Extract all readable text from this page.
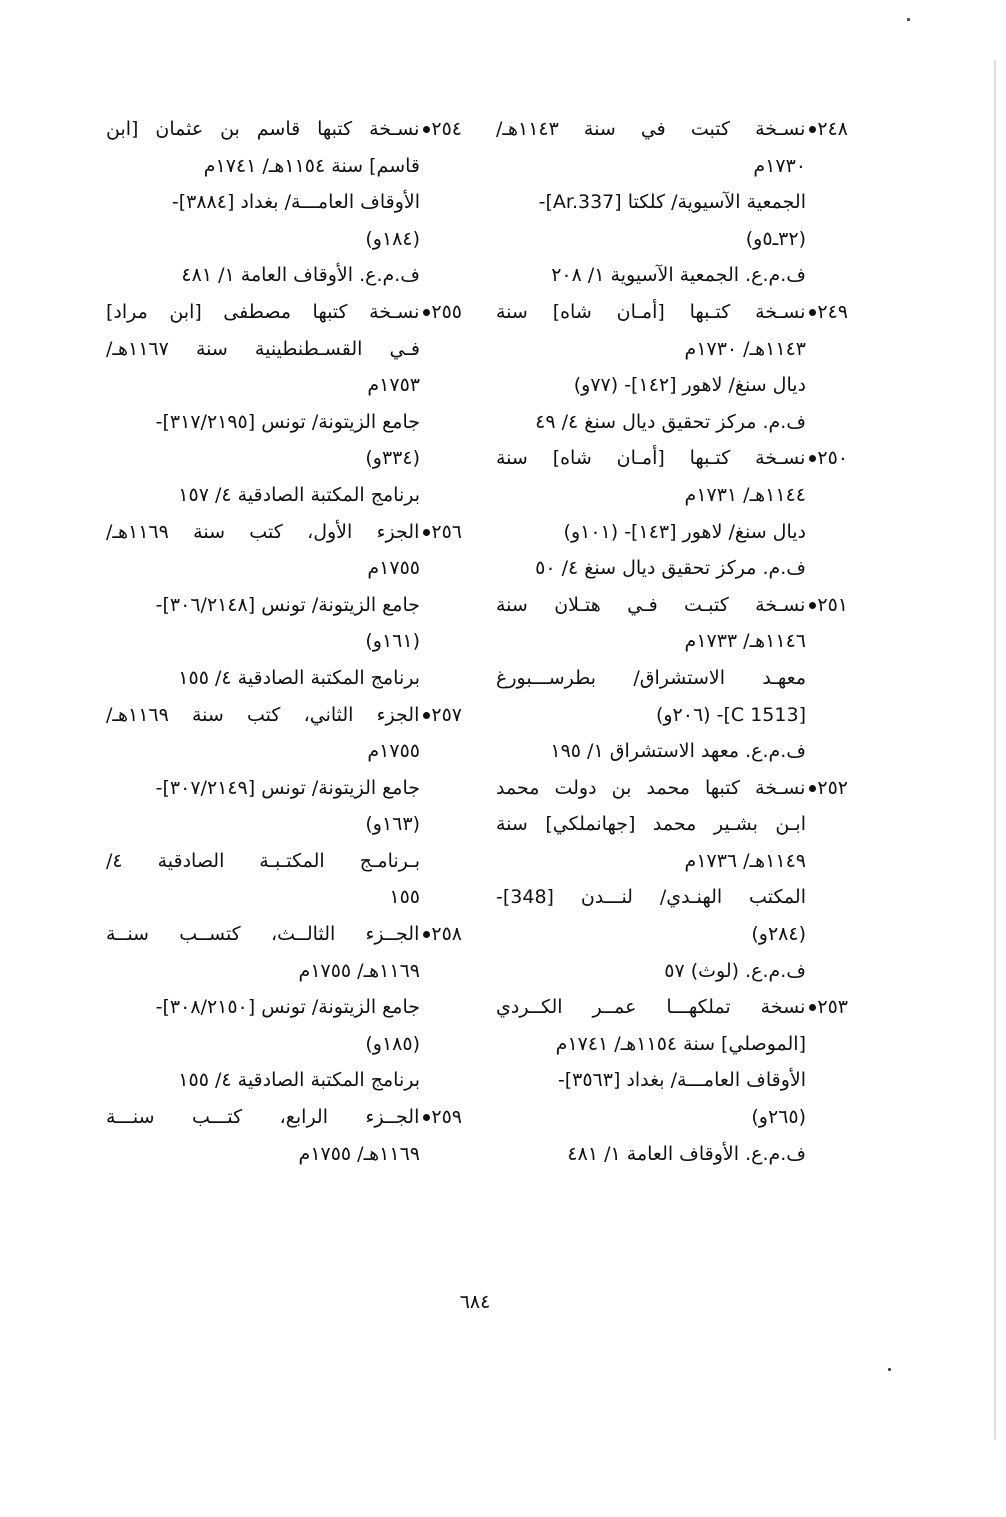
٢٤٨نسـخة كتبت في سنة ١١٤٣هـ/
١٧٣٠م
الجمعية الآسيوية/ كلكتا [Ar.337]-
(٣٢ـ٥و)
ف.م.ع. الجمعية الآسيوية ١/ ٢٠٨
٢٤٩نسـخة كتـبها [أمـان شاه] سنة
١١٤٣هـ/ ١٧٣٠م
ديال سنغ/ لاهور [١٤٢]- (٧٧و)
ف.م. مركز تحقيق ديال سنغ ٤/ ٤٩
٢٥٠نسـخة كتـبها [أمـان شاه] سنة
١١٤٤هـ/ ١٧٣١م
ديال سنغ/ لاهور [١٤٣]- (١٠١و)
ف.م. مركز تحقيق ديال سنغ ٤/ ٥٠
٢٥١نسـخة كتبـت فـي هتـلان سنة
١١٤٦هـ/ ١٧٣٣م
معهـد الاستشراق/ بطرســـبورغ
[C 1513]- (٢٠٦و)
ف.م.ع. معهد الاستشراق ١/ ١٩٥
٢٥٢نسـخة كتبها محمد بن دولت محمد
ابـن بشـير محمد [جهانملكي] سنة
١١٤٩هـ/ ١٧٣٦م
المكتب الهنـدي/ لنـــدن [348]-
(٢٨٤و)
ف.م.ع. (لوث) ٥٧
٢٥٣نسخة تملكهـــا عمــر الكــردي
[الموصلي] سنة ١١٥٤هـ/ ١٧٤١م
الأوقاف العامـــة/ بغداد [٣٥٦٣]-
(٢٦٥و)
ف.م.ع. الأوقاف العامة ١/ ٤٨١
٢٥٤نسـخة كتبها قاسم بن عثمان [ابن
قاسم] سنة ١١٥٤هـ/ ١٧٤١م
الأوقاف العامـــة/ بغداد [٣٨٨٤]-
(١٨٤و)
ف.م.ع. الأوقاف العامة ١/ ٤٨١
٢٥٥نسـخة كتبها مصطفى [ابن مراد]
فـي القسـطنطينية سنة ١١٦٧هـ/
١٧٥٣م
جامع الزيتونة/ تونس [٣١٧/٢١٩٥]-
(٣٣٤و)
برنامج المكتبة الصادقية ٤/ ١٥٧
٢٥٦الجزء الأول، كتب سنة ١١٦٩هـ/
١٧٥٥م
جامع الزيتونة/ تونس [٣٠٦/٢١٤٨]-
(١٦١و)
برنامج المكتبة الصادقية ٤/ ١٥٥
٢٥٧الجزء الثاني، كتب سنة ١١٦٩هـ/
١٧٥٥م
جامع الزيتونة/ تونس [٣٠٧/٢١٤٩]-
(١٦٣و)
بـرنامـج المكتـبـة الصادقية ٤/
١٥٥
٢٥٨الجــزء الثالــث، كتســب سنــة
١١٦٩هـ/ ١٧٥٥م
جامع الزيتونة/ تونس [٣٠٨/٢١٥٠]-
(١٨٥و)
برنامج المكتبة الصادقية ٤/ ١٥٥
٢٥٩الجــزء الرابع، كتـــب سنـــة
١١٦٩هـ/ ١٧٥٥م
٦٨٤
